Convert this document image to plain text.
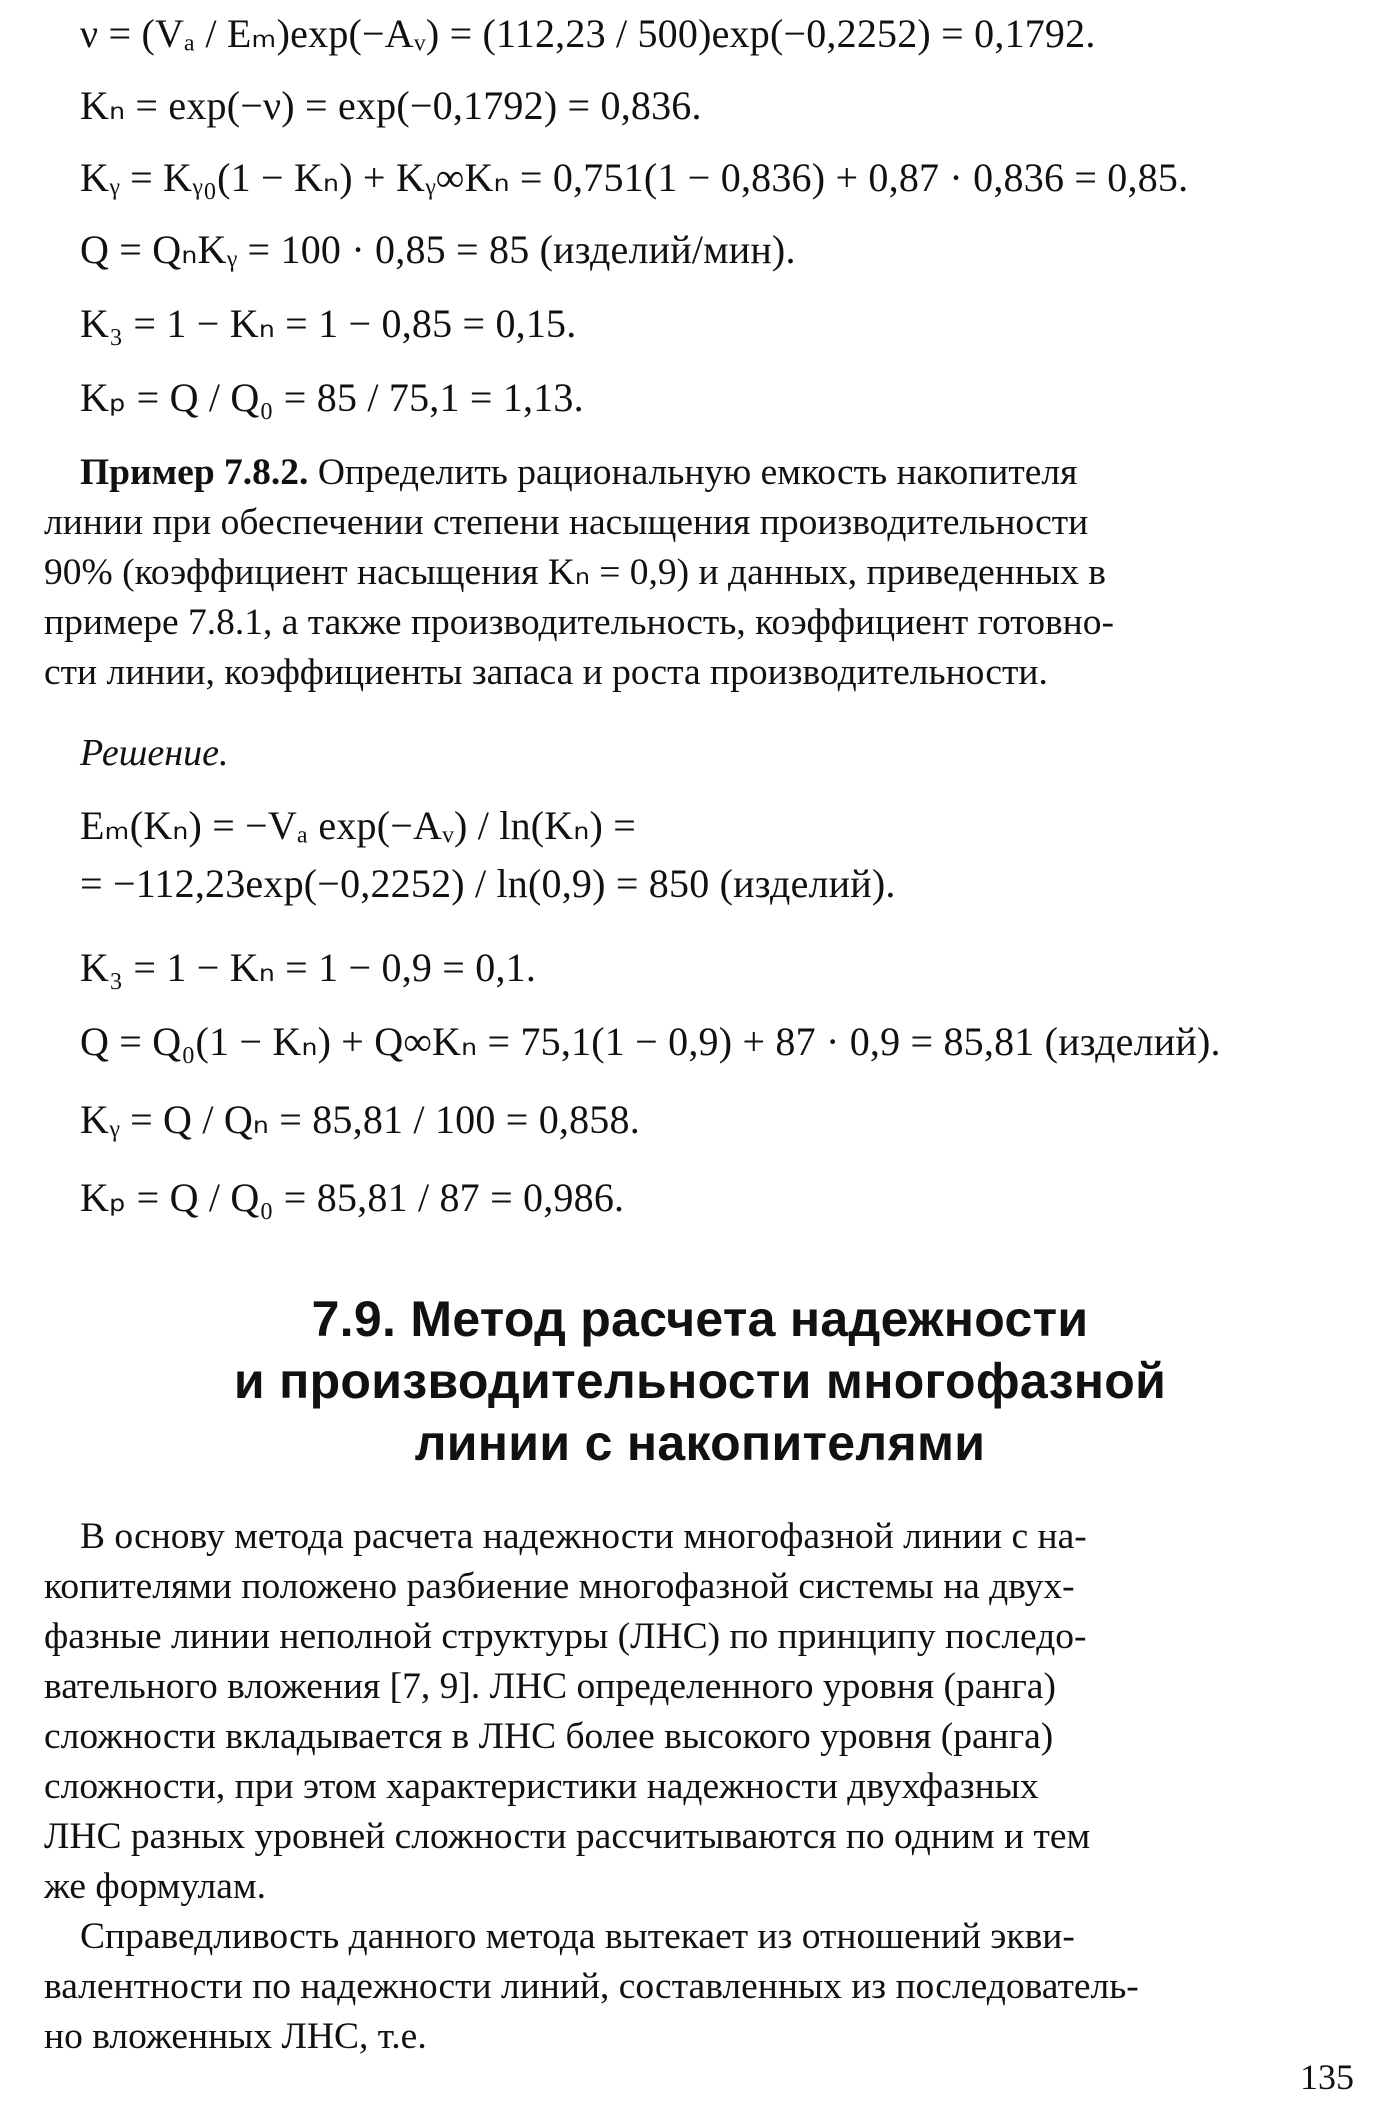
ν = (Vₐ / Eₘ)exp(−Aᵥ) = (112,23 / 500)exp(−0,2252) = 0,1792.
Kₙ = exp(−ν) = exp(−0,1792) = 0,836.
Kᵧ = Kᵧ₀(1 − Kₙ) + Kᵧ∞Kₙ = 0,751(1 − 0,836) + 0,87 · 0,836 = 0,85.
Q = QₙKᵧ = 100 · 0,85 = 85 (изделий/мин).
K₃ = 1 − Kₙ = 1 − 0,85 = 0,15.
Kₚ = Q / Q₀ = 85 / 75,1 = 1,13.
Пример 7.8.2. Определить рациональную емкость накопителя
линии при обеспечении степени насыщения производительности
90% (коэффициент насыщения Kₙ = 0,9) и данных, приведенных в
примере 7.8.1, а также производительность, коэффициент готовно-
сти линии, коэффициенты запаса и роста производительности.
Решение.
Eₘ(Kₙ) = −Vₐ exp(−Aᵥ) / ln(Kₙ) =
= −112,23exp(−0,2252) / ln(0,9) = 850 (изделий).
K₃ = 1 − Kₙ = 1 − 0,9 = 0,1.
Q = Q₀(1 − Kₙ) + Q∞Kₙ = 75,1(1 − 0,9) + 87 · 0,9 = 85,81 (изделий).
Kᵧ = Q / Qₙ = 85,81 / 100 = 0,858.
Kₚ = Q / Q₀ = 85,81 / 87 = 0,986.
7.9. Метод расчета надежности
и производительности многофазной
линии с накопителями
В основу метода расчета надежности многофазной линии с на-
копителями положено разбиение многофазной системы на двух-
фазные линии неполной структуры (ЛНС) по принципу последо-
вательного вложения [7, 9]. ЛНС определенного уровня (ранга)
сложности вкладывается в ЛНС более высокого уровня (ранга)
сложности, при этом характеристики надежности двухфазных
ЛНС разных уровней сложности рассчитываются по одним и тем
же формулам.
Справедливость данного метода вытекает из отношений экви-
валентности по надежности линий, составленных из последователь-
но вложенных ЛНС, т.е.
135
